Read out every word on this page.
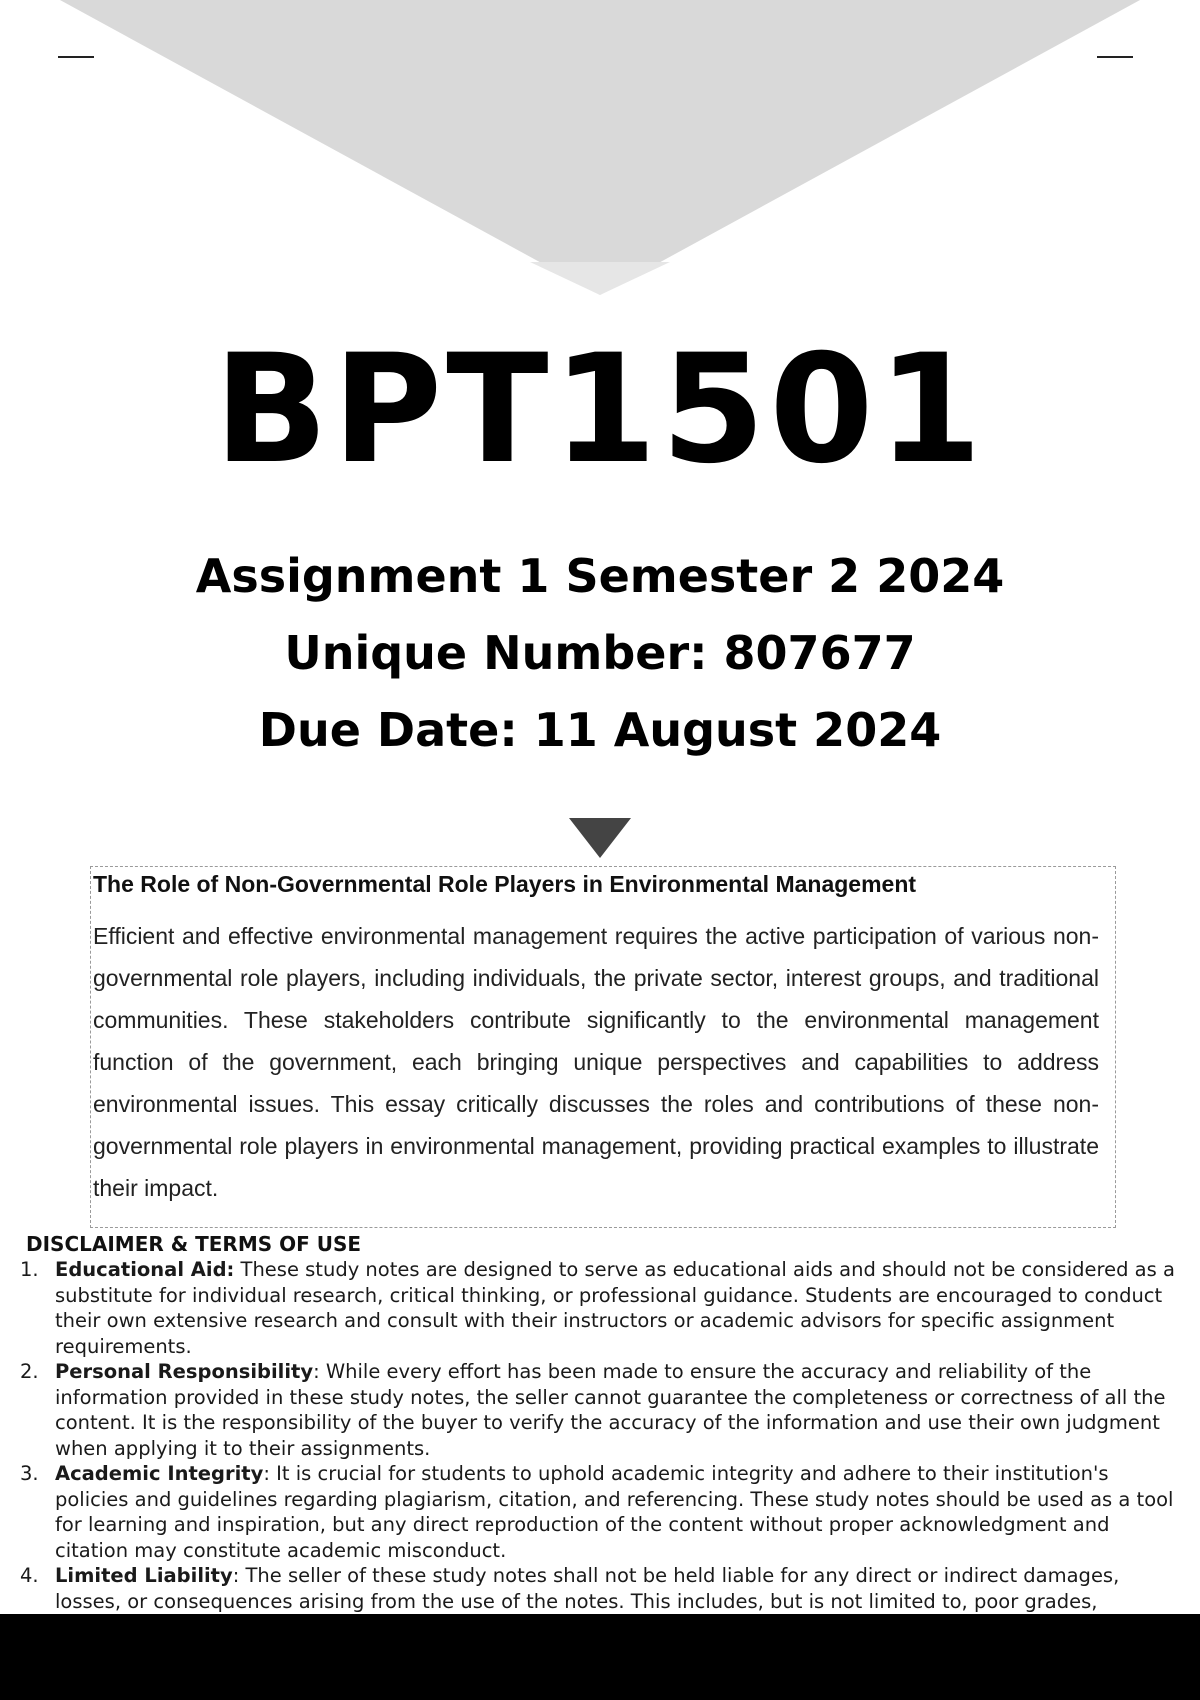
BPT1501
Assignment 1 Semester 2 2024
Unique Number: 807677
Due Date: 11 August 2024
The Role of Non-Governmental Role Players in Environmental Management
Efficient and effective environmental management requires the active participation of various non-governmental role players, including individuals, the private sector, interest groups, and traditional communities. These stakeholders contribute significantly to the environmental management function of the government, each bringing unique perspectives and capabilities to address environmental issues. This essay critically discusses the roles and contributions of these non-governmental role players in environmental management, providing practical examples to illustrate their impact.
DISCLAIMER & TERMS OF USE
1. Educational Aid: These study notes are designed to serve as educational aids and should not be considered as a substitute for individual research, critical thinking, or professional guidance. Students are encouraged to conduct their own extensive research and consult with their instructors or academic advisors for specific assignment requirements.
2. Personal Responsibility: While every effort has been made to ensure the accuracy and reliability of the information provided in these study notes, the seller cannot guarantee the completeness or correctness of all the content. It is the responsibility of the buyer to verify the accuracy of the information and use their own judgment when applying it to their assignments.
3. Academic Integrity: It is crucial for students to uphold academic integrity and adhere to their institution's policies and guidelines regarding plagiarism, citation, and referencing. These study notes should be used as a tool for learning and inspiration, but any direct reproduction of the content without proper acknowledgment and citation may constitute academic misconduct.
4. Limited Liability: The seller of these study notes shall not be held liable for any direct or indirect damages, losses, or consequences arising from the use of the notes. This includes, but is not limited to, poor grades,
